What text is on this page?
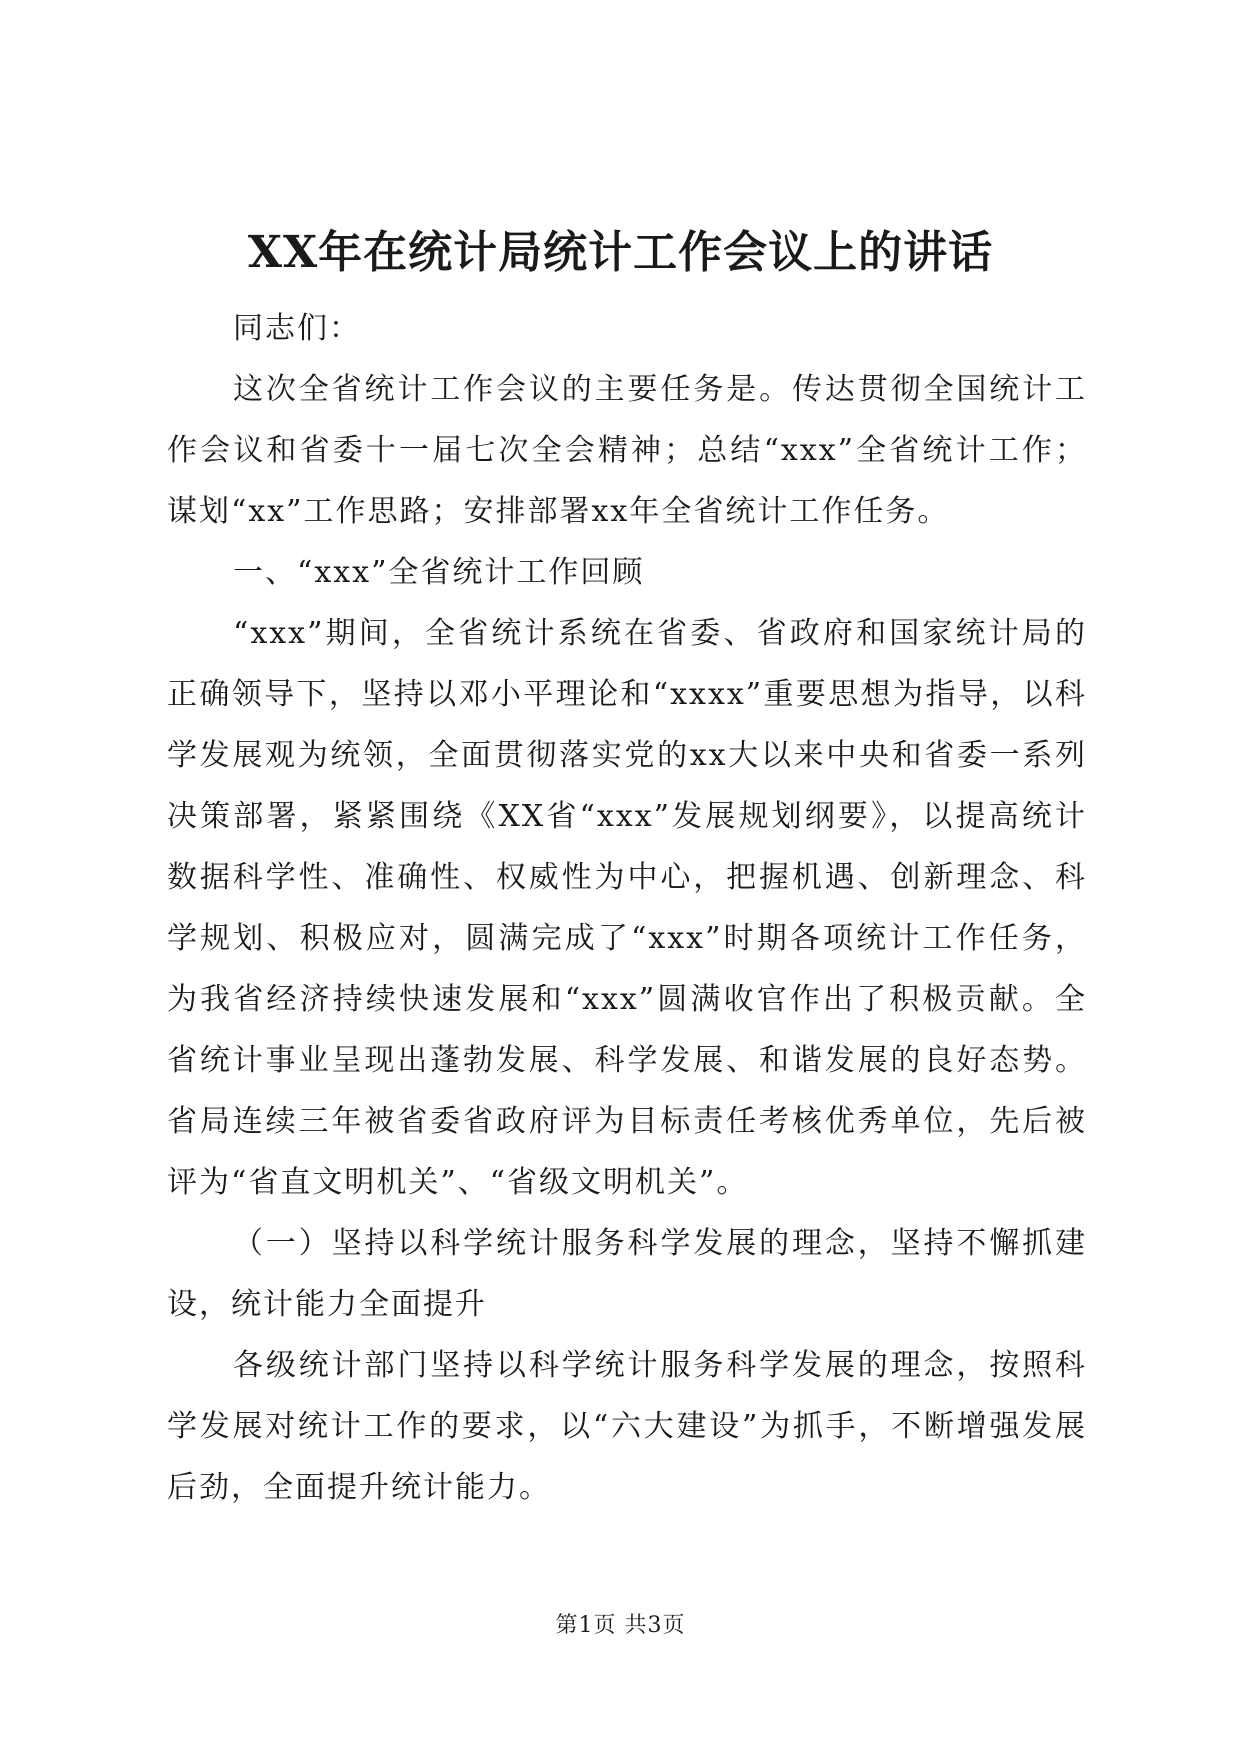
XX年在统计局统计工作会议上的讲话

同志们：

这次全省统计工作会议的主要任务是。传达贯彻全国统计工作会议和省委十一届七次全会精神；总结“xxx”全省统计工作；谋划“xx”工作思路；安排部署xx年全省统计工作任务。

一、“xxx”全省统计工作回顾

“xxx”期间，全省统计系统在省委、省政府和国家统计局的正确领导下，坚持以邓小平理论和“xxxx”重要思想为指导，以科学发展观为统领，全面贯彻落实党的xx大以来中央和省委一系列决策部署，紧紧围绕《XX省“xxx”发展规划纲要》，以提高统计数据科学性、准确性、权威性为中心，把握机遇、创新理念、科学规划、积极应对，圆满完成了“xxx”时期各项统计工作任务，为我省经济持续快速发展和“xxx”圆满收官作出了积极贡献。全省统计事业呈现出蓬勃发展、科学发展、和谐发展的良好态势。省局连续三年被省委省政府评为目标责任考核优秀单位，先后被评为“省直文明机关”、“省级文明机关”。

（一）坚持以科学统计服务科学发展的理念，坚持不懈抓建设，统计能力全面提升

各级统计部门坚持以科学统计服务科学发展的理念，按照科学发展对统计工作的要求，以“六大建设”为抓手，不断增强发展后劲，全面提升统计能力。

第1页 共3页
